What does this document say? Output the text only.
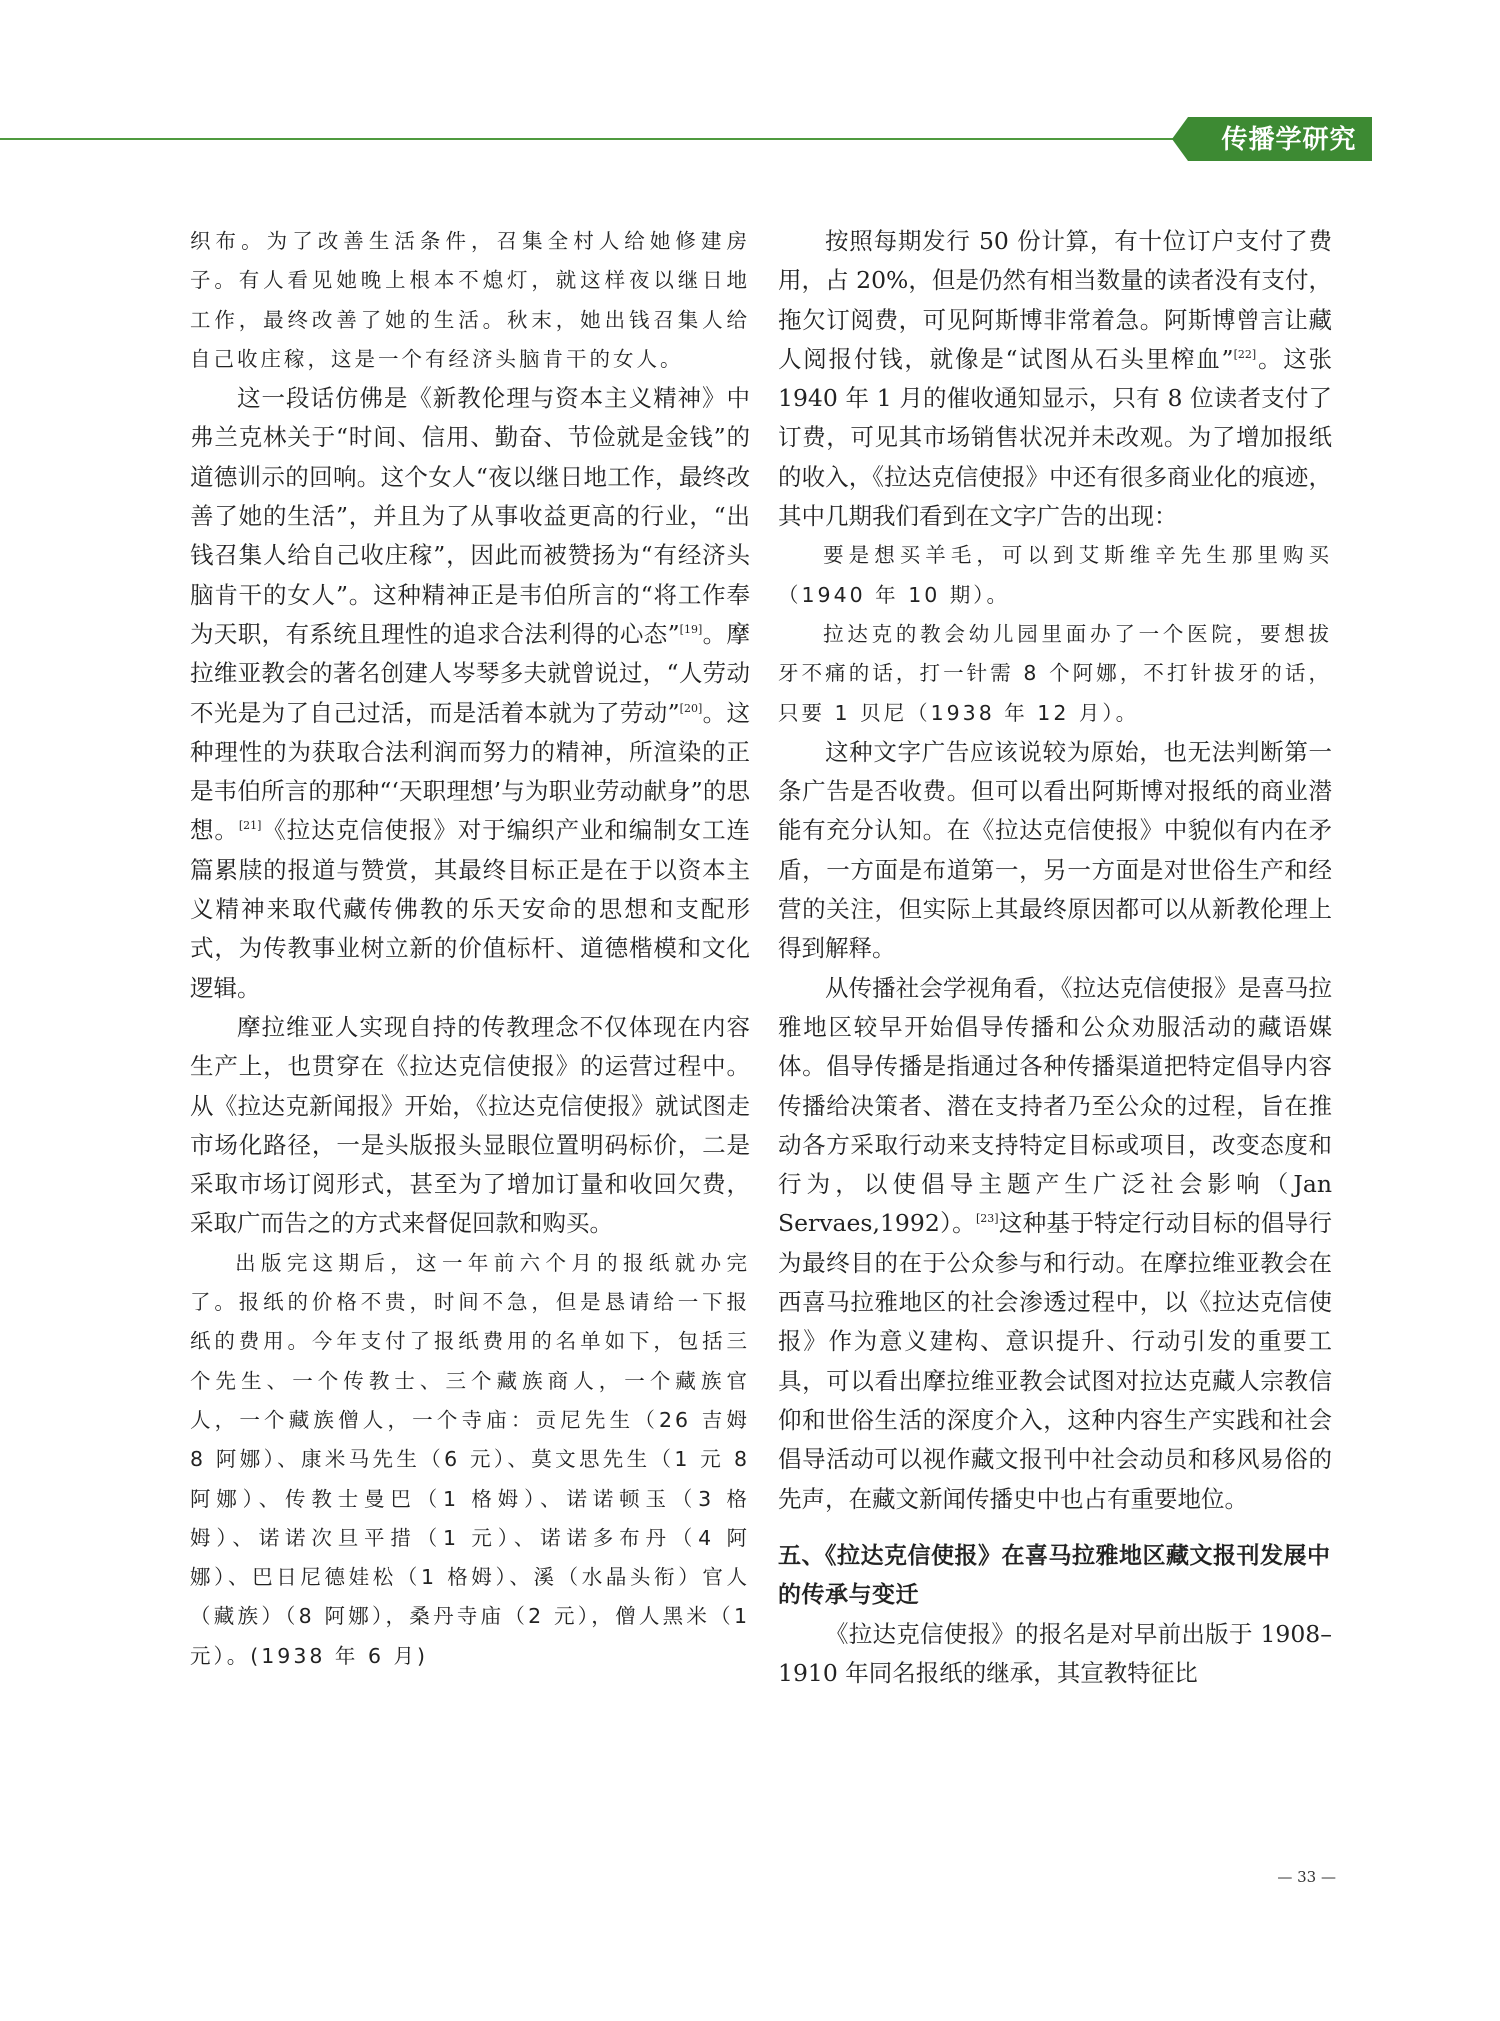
传播学研究

织布。为了改善生活条件，召集全村人给她修建房子。有人看见她晚上根本不熄灯，就这样夜以继日地工作，最终改善了她的生活。秋末，她出钱召集人给自己收庄稼，这是一个有经济头脑肯干的女人。

这一段话仿佛是《新教伦理与资本主义精神》中弗兰克林关于“时间、信用、勤奋、节俭就是金钱”的道德训示的回响。这个女人“夜以继日地工作，最终改善了她的生活”，并且为了从事收益更高的行业，“出钱召集人给自己收庄稼”，因此而被赞扬为“有经济头脑肯干的女人”。这种精神正是韦伯所言的“将工作奉为天职，有系统且理性的追求合法利得的心态”[19]。摩拉维亚教会的著名创建人岑琴多夫就曾说过，“人劳动不光是为了自己过活，而是活着本就为了劳动”[20]。这种理性的为获取合法利润而努力的精神，所渲染的正是韦伯所言的那种“‘天职理想’与为职业劳动献身”的思想。[21]《拉达克信使报》对于编织产业和编制女工连篇累牍的报道与赞赏，其最终目标正是在于以资本主义精神来取代藏传佛教的乐天安命的思想和支配形式，为传教事业树立新的价值标杆、道德楷模和文化逻辑。

摩拉维亚人实现自持的传教理念不仅体现在内容生产上，也贯穿在《拉达克信使报》的运营过程中。从《拉达克新闻报》开始，《拉达克信使报》就试图走市场化路径，一是头版报头显眼位置明码标价，二是采取市场订阅形式，甚至为了增加订量和收回欠费，采取广而告之的方式来督促回款和购买。

出版完这期后，这一年前六个月的报纸就办完了。报纸的价格不贵，时间不急，但是恳请给一下报纸的费用。今年支付了报纸费用的名单如下，包括三个先生、一个传教士、三个藏族商人，一个藏族官人，一个藏族僧人，一个寺庙：贡尼先生（26 吉姆 8 阿娜）、康米马先生（6 元）、莫文思先生（1 元 8 阿娜）、传教士曼巴（1 格姆）、诺诺顿玉（3 格姆）、诺诺次旦平措（1 元）、诺诺多布丹（4 阿娜）、巴日尼德娃松（1 格姆）、溪（水晶头衔）官人（藏族）（8 阿娜），桑丹寺庙（2 元），僧人黑米（1 元）。(1938 年 6 月)

按照每期发行 50 份计算，有十位订户支付了费用，占 20%，但是仍然有相当数量的读者没有支付，拖欠订阅费，可见阿斯博非常着急。阿斯博曾言让藏人阅报付钱，就像是“试图从石头里榨血”[22]。这张 1940 年 1 月的催收通知显示，只有 8 位读者支付了订费，可见其市场销售状况并未改观。为了增加报纸的收入，《拉达克信使报》中还有很多商业化的痕迹，其中几期我们看到在文字广告的出现：

要是想买羊毛，可以到艾斯维辛先生那里购买（1940 年 10 期）。

拉达克的教会幼儿园里面办了一个医院，要想拔牙不痛的话，打一针需 8 个阿娜，不打针拔牙的话，只要 1 贝尼（1938 年 12 月）。

这种文字广告应该说较为原始，也无法判断第一条广告是否收费。但可以看出阿斯博对报纸的商业潜能有充分认知。在《拉达克信使报》中貌似有内在矛盾，一方面是布道第一，另一方面是对世俗生产和经营的关注，但实际上其最终原因都可以从新教伦理上得到解释。

从传播社会学视角看，《拉达克信使报》是喜马拉雅地区较早开始倡导传播和公众劝服活动的藏语媒体。倡导传播是指通过各种传播渠道把特定倡导内容传播给决策者、潜在支持者乃至公众的过程，旨在推动各方采取行动来支持特定目标或项目，改变态度和行为，以使倡导主题产生广泛社会影响（Jan Servaes,1992）。[23]这种基于特定行动目标的倡导行为最终目的在于公众参与和行动。在摩拉维亚教会在西喜马拉雅地区的社会渗透过程中，以《拉达克信使报》作为意义建构、意识提升、行动引发的重要工具，可以看出摩拉维亚教会试图对拉达克藏人宗教信仰和世俗生活的深度介入，这种内容生产实践和社会倡导活动可以视作藏文报刊中社会动员和移风易俗的先声，在藏文新闻传播史中也占有重要地位。

五、《拉达克信使报》在喜马拉雅地区藏文报刊发展中的传承与变迁

《拉达克信使报》的报名是对早前出版于 1908–1910 年同名报纸的继承，其宣教特征比

— 33 —
